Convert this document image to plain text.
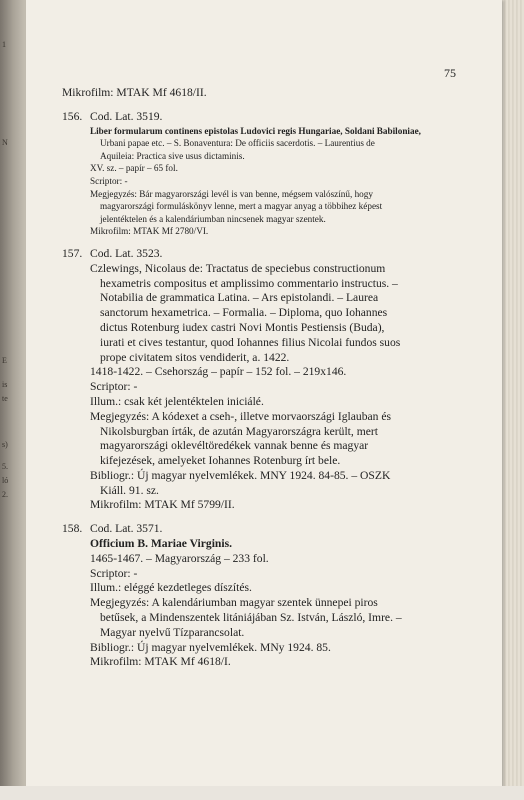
1
N
E
is
te
s)
5.
ló
2.
75
Mikrofilm: MTAK Mf 4618/II.
156. Cod. Lat. 3519.
Liber formularum continens epistolas Ludovici regis Hungariae, Soldani Babiloniae,
Urbani papae etc. – S. Bonaventura: De officiis sacerdotis. – Laurentius de
Aquileia: Practica sive usus dictaminis.
XV. sz. – papír – 65 fol.
Scriptor: -
Megjegyzés: Bár magyarországi levél is van benne, mégsem valószínű, hogy
magyarországi formuláskönyv lenne, mert a magyar anyag a többihez képest
jelentéktelen és a kalendáriumban nincsenek magyar szentek.
Mikrofilm: MTAK Mf 2780/VI.
157. Cod. Lat. 3523.
Czlewings, Nicolaus de: Tractatus de speciebus constructionum
hexametris compositus et amplissimo commentario instructus. –
Notabilia de grammatica Latina. – Ars epistolandi. – Laurea
sanctorum hexametrica. – Formalia. – Diploma, quo Iohannes
dictus Rotenburg iudex castri Novi Montis Pestiensis (Buda),
iurati et cives testantur, quod Iohannes filius Nicolai fundos suos
prope civitatem sitos vendiderit, a. 1422.
1418-1422. – Csehország – papír – 152 fol. – 219x146.
Scriptor: -
Illum.: csak két jelentéktelen iniciálé.
Megjegyzés: A kódexet a cseh-, illetve morvaországi Iglauban és
Nikolsburgban írták, de azután Magyarországra került, mert
magyarországi oklevéltöredékek vannak benne és magyar
kifejezések, amelyeket Iohannes Rotenburg írt bele.
Bibliogr.: Új magyar nyelvemlékek. MNY 1924. 84-85. – OSZK
Kiáll. 91. sz.
Mikrofilm: MTAK Mf 5799/II.
158. Cod. Lat. 3571.
Officium B. Mariae Virginis.
1465-1467. – Magyarország – 233 fol.
Scriptor: -
Illum.: eléggé kezdetleges díszítés.
Megjegyzés: A kalendáriumban magyar szentek ünnepei piros
betűsek, a Mindenszentek litániájában Sz. István, László, Imre. –
Magyar nyelvű Tízparancsolat.
Bibliogr.: Új magyar nyelvemlékek. MNy 1924. 85.
Mikrofilm: MTAK Mf 4618/I.
